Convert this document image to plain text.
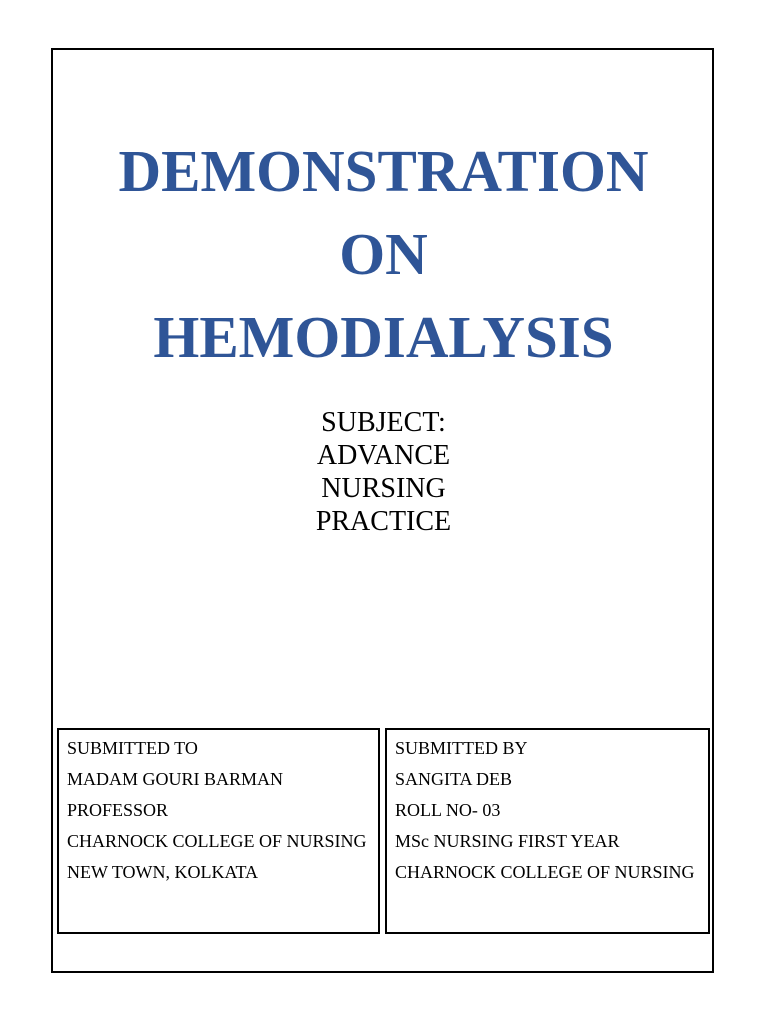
DEMONSTRATION
ON
HEMODIALYSIS
SUBJECT:
ADVANCE
NURSING
PRACTICE
SUBMITTED TO
MADAM GOURI BARMAN
PROFESSOR
CHARNOCK COLLEGE OF NURSING
NEW TOWN, KOLKATA
SUBMITTED BY
SANGITA DEB
ROLL NO- 03
MSc NURSING FIRST YEAR
CHARNOCK COLLEGE OF NURSING
